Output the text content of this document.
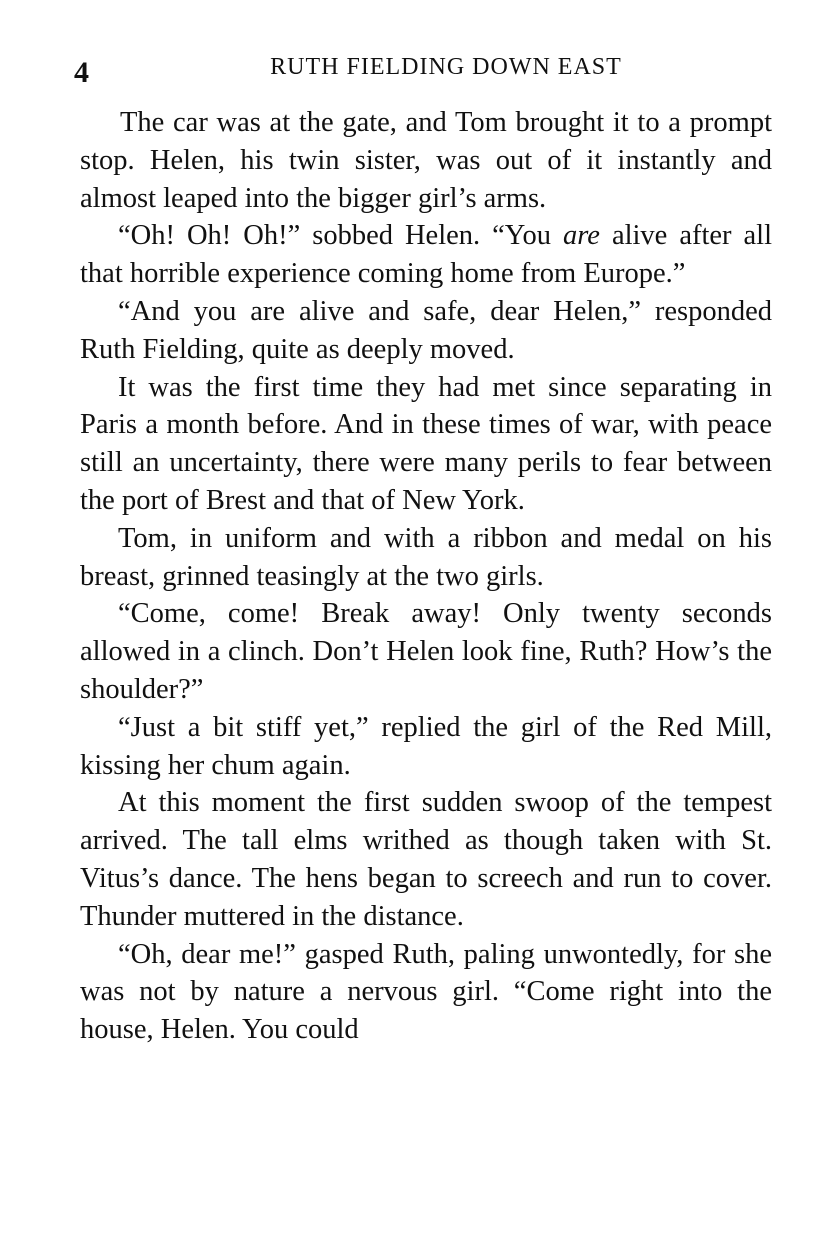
4	RUTH FIELDING DOWN EAST

The car was at the gate, and Tom brought it to a prompt stop. Helen, his twin sister, was out of it instantly and almost leaped into the bigger girl’s arms.

“Oh! Oh! Oh!” sobbed Helen. “You are alive after all that horrible experience coming home from Europe.”

“And you are alive and safe, dear Helen,” responded Ruth Fielding, quite as deeply moved.

It was the first time they had met since separating in Paris a month before. And in these times of war, with peace still an uncertainty, there were many perils to fear between the port of Brest and that of New York.

Tom, in uniform and with a ribbon and medal on his breast, grinned teasingly at the two girls.

“Come, come! Break away! Only twenty seconds allowed in a clinch. Don’t Helen look fine, Ruth? How’s the shoulder?”

“Just a bit stiff yet,” replied the girl of the Red Mill, kissing her chum again.

At this moment the first sudden swoop of the tempest arrived. The tall elms writhed as though taken with St. Vitus’s dance. The hens began to screech and run to cover. Thunder muttered in the distance.

“Oh, dear me!” gasped Ruth, paling unwontedly, for she was not by nature a nervous girl. “Come right into the house, Helen. You could
